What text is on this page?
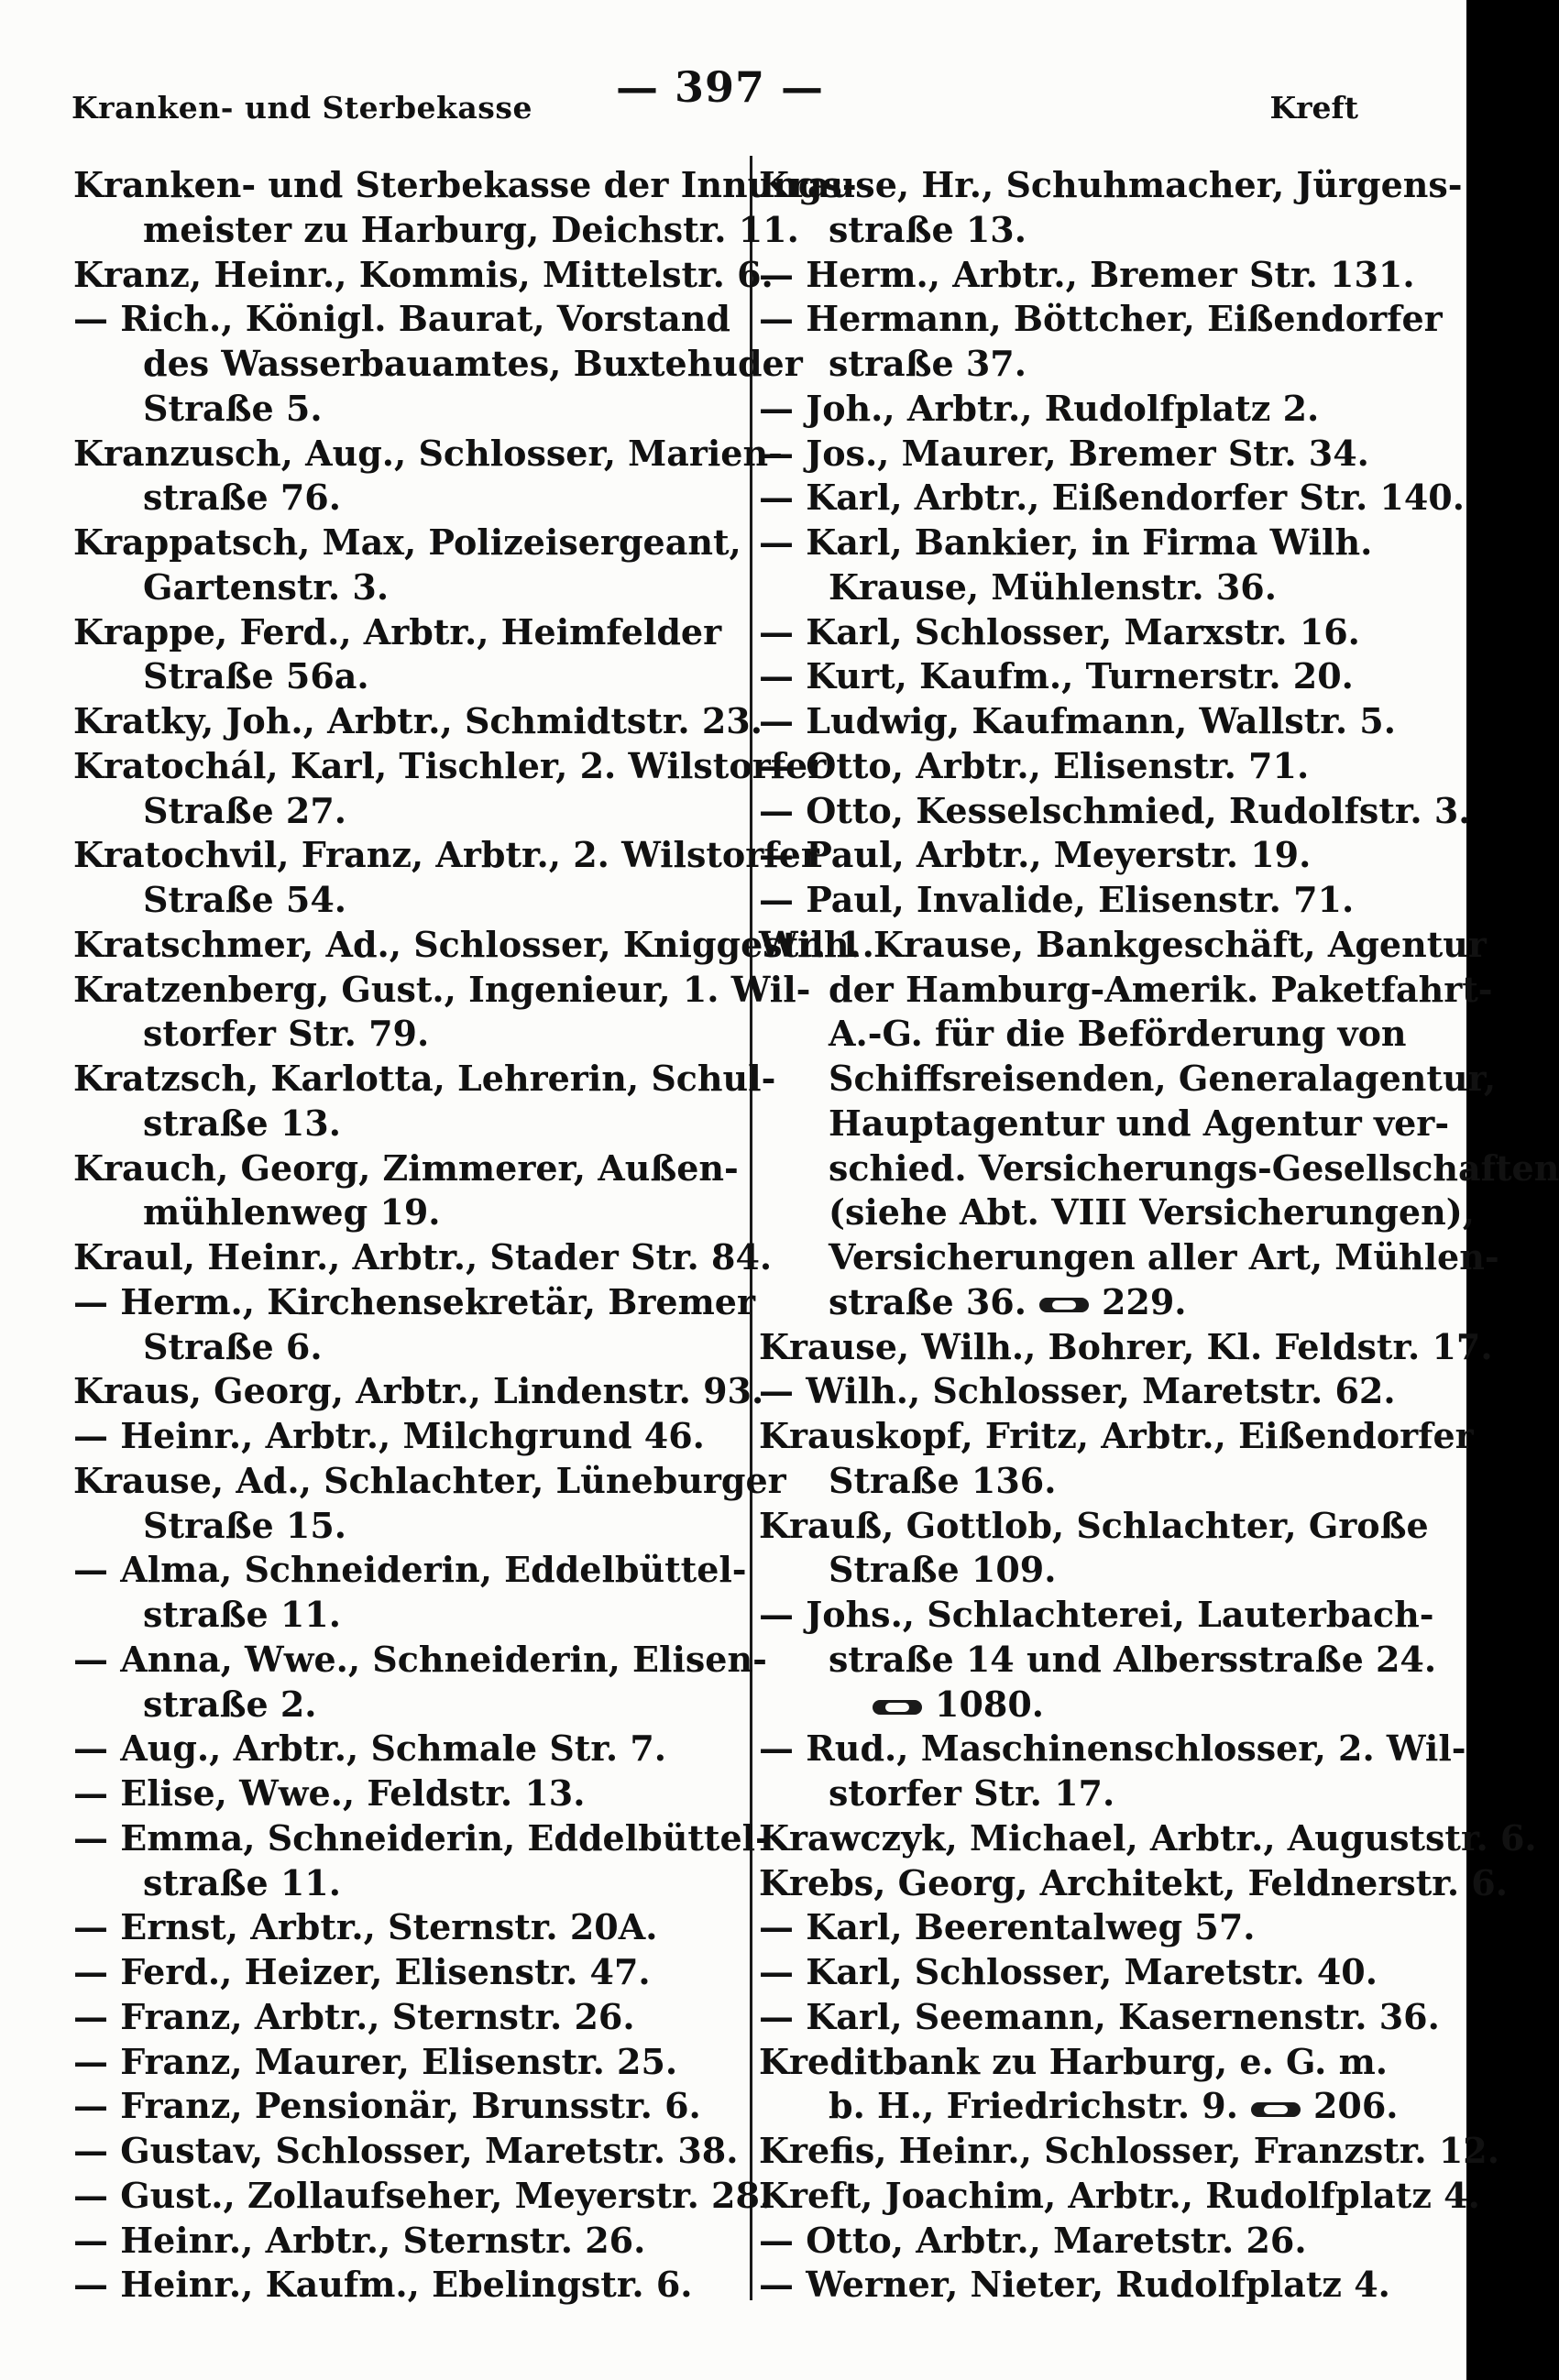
Kranken- und Sterbekasse — 397 —	Kreft
Kranken- und Sterbekasse der Innungs-
meister zu Harburg, Deichstr. 11.
Kranz, Heinr., Kommis, Mittelstr. 6.
— Rich., Königl. Baurat, Vorstand
des Wasserbauamtes, Buxtehuder
Straße 5.
Kranzusch, Aug., Schlosser, Marien-
straße 76.
Krappatsch, Max, Polizeisergeant,
Gartenstr. 3.
Krappe, Ferd., Arbtr., Heimfelder
Straße 56a.
Kratky, Joh., Arbtr., Schmidtstr. 23.
Kratochál, Karl, Tischler, 2. Wilstorfer
Straße 27.
Kratochvil, Franz, Arbtr., 2. Wilstorfer
Straße 54.
Kratschmer, Ad., Schlosser, Kniggestr. 1.
Kratzenberg, Gust., Ingenieur, 1. Wil-
storfer Str. 79.
Kratzsch, Karlotta, Lehrerin, Schul-
straße 13.
Krauch, Georg, Zimmerer, Außen-
mühlenweg 19.
Kraul, Heinr., Arbtr., Stader Str. 84.
— Herm., Kirchensekretär, Bremer
Straße 6.
Kraus, Georg, Arbtr., Lindenstr. 93.
— Heinr., Arbtr., Milchgrund 46.
Krause, Ad., Schlachter, Lüneburger
Straße 15.
— Alma, Schneiderin, Eddelbüttel-
straße 11.
— Anna, Wwe., Schneiderin, Elisen-
straße 2.
— Aug., Arbtr., Schmale Str. 7.
— Elise, Wwe., Feldstr. 13.
— Emma, Schneiderin, Eddelbüttel-
straße 11.
— Ernst, Arbtr., Sternstr. 20A.
— Ferd., Heizer, Elisenstr. 47.
— Franz, Arbtr., Sternstr. 26.
— Franz, Maurer, Elisenstr. 25.
— Franz, Pensionär, Brunsstr. 6.
— Gustav, Schlosser, Maretstr. 38.
— Gust., Zollaufseher, Meyerstr. 28.
— Heinr., Arbtr., Sternstr. 26.
— Heinr., Kaufm., Ebelingstr. 6.
Krause, Hr., Schuhmacher, Jürgens-
straße 13.
— Herm., Arbtr., Bremer Str. 131.
— Hermann, Böttcher, Eißendorfer
straße 37.
— Joh., Arbtr., Rudolfplatz 2.
— Jos., Maurer, Bremer Str. 34.
— Karl, Arbtr., Eißendorfer Str. 140.
— Karl, Bankier, in Firma Wilh.
Krause, Mühlenstr. 36.
— Karl, Schlosser, Marxstr. 16.
— Kurt, Kaufm., Turnerstr. 20.
— Ludwig, Kaufmann, Wallstr. 5.
— Otto, Arbtr., Elisenstr. 71.
— Otto, Kesselschmied, Rudolfstr. 3.
— Paul, Arbtr., Meyerstr. 19.
— Paul, Invalide, Elisenstr. 71.
Wilh. Krause, Bankgeschäft, Agentur
der Hamburg-Amerik. Paketfahrt-
A.-G. für die Beförderung von
Schiffsreisenden, Generalagentur,
Hauptagentur und Agentur ver-
schied. Versicherungs-Gesellschaften
(siehe Abt. VIII Versicherungen),
Versicherungen aller Art, Mühlen-
straße 36. 229.
Krause, Wilh., Bohrer, Kl. Feldstr. 17.
— Wilh., Schlosser, Maretstr. 62.
Krauskopf, Fritz, Arbtr., Eißendorfer
Straße 136.
Krauß, Gottlob, Schlachter, Große
Straße 109.
— Johs., Schlachterei, Lauterbach-
straße 14 und Albersstraße 24.
1080.
— Rud., Maschinenschlosser, 2. Wil-
storfer Str. 17.
Krawczyk, Michael, Arbtr., Auguststr. 6.
Krebs, Georg, Architekt, Feldnerstr. 6.
— Karl, Beerentalweg 57.
— Karl, Schlosser, Maretstr. 40.
— Karl, Seemann, Kasernenstr. 36.
Kreditbank zu Harburg, e. G. m.
b. H., Friedrichstr. 9. 206.
Krefis, Heinr., Schlosser, Franzstr. 12.
Kreft, Joachim, Arbtr., Rudolfplatz 4.
— Otto, Arbtr., Maretstr. 26.
— Werner, Nieter, Rudolfplatz 4.
